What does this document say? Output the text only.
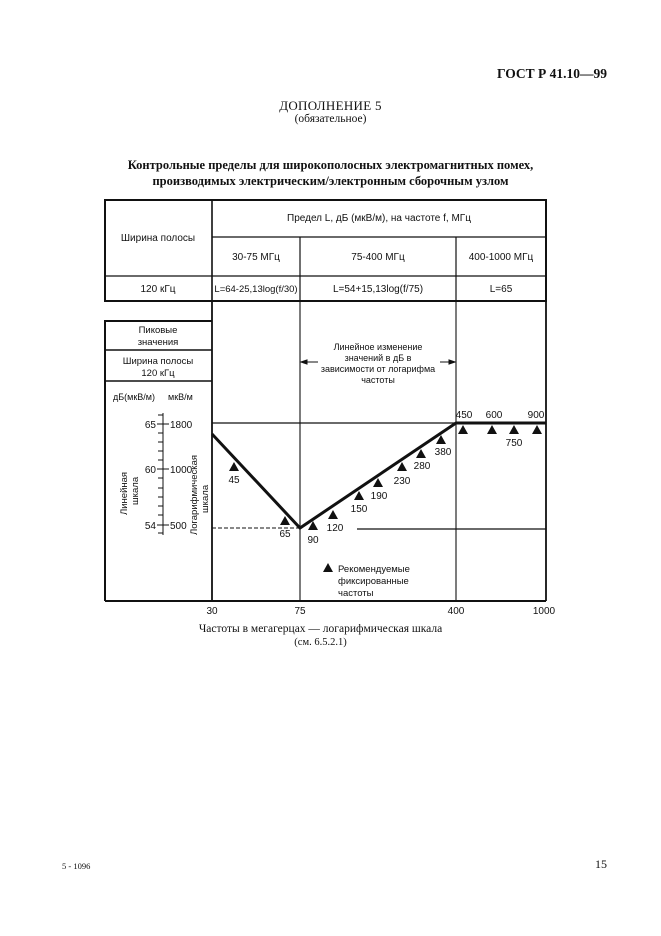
ГОСТ Р 41.10—99
ДОПОЛНЕНИЕ 5
(обязательное)
Контрольные пределы для широкополосных электромагнитных помех,
производимых электрическим/электронным сборочным узлом
Ширина полосы
Предел L, дБ (мкВ/м), на частоте f, МГц
30-75 МГц	75-400 МГц	400-1000 МГц
120 кГц	L=64-25,13log(f/30)	L=54+15,13log(f/75)	L=65
Пиковые
значения
Ширина полосы
120 кГц
дБ(мкВ/м) мкВ/м
65
60
54
1800
1000
500
Линейная шкала	Логарифмическая шкала
Линейное изменение
значений в дБ в
зависимости от логарифма
частоты
45
65
90
120
150
190
230
280
380
450 600
750
900
Рекомендуемые
фиксированные
частоты
30	75	400	1000
Частоты в мегагерцах — логарифмическая шкала
(см. 6.5.2.1)
5 - 1096	15
